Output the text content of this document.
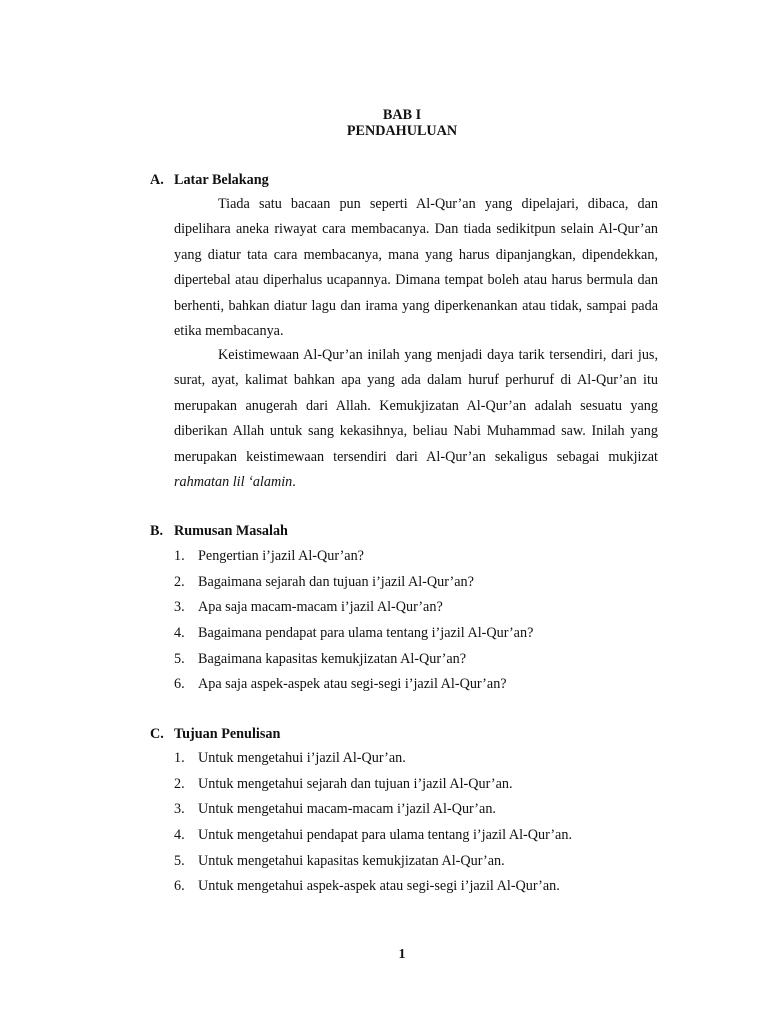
BAB I
PENDAHULUAN
A. Latar Belakang

Tiada satu bacaan pun seperti Al-Qur’an yang dipelajari, dibaca, dan dipelihara aneka riwayat cara membacanya. Dan tiada sedikitpun selain Al-Qur’an yang diatur tata cara membacanya, mana yang harus dipanjangkan, dipendekkan, dipertebal atau diperhalus ucapannya. Dimana tempat boleh atau harus bermula dan berhenti, bahkan diatur lagu dan irama yang diperkenankan atau tidak, sampai pada etika membacanya.

Keistimewaan Al-Qur’an inilah yang menjadi daya tarik tersendiri, dari jus, surat, ayat, kalimat bahkan apa yang ada dalam huruf perhuruf di Al-Qur’an itu merupakan anugerah dari Allah. Kemukjizatan Al-Qur’an adalah sesuatu yang diberikan Allah untuk sang kekasihnya, beliau Nabi Muhammad saw. Inilah yang merupakan keistimewaan tersendiri dari Al-Qur’an sekaligus sebagai mukjizat rahmatan lil ‘alamin.

B. Rumusan Masalah
1. Pengertian i’jazil Al-Qur’an?
2. Bagaimana sejarah dan tujuan i’jazil Al-Qur’an?
3. Apa saja macam-macam i’jazil Al-Qur’an?
4. Bagaimana pendapat para ulama tentang i’jazil Al-Qur’an?
5. Bagaimana kapasitas kemukjizatan Al-Qur’an?
6. Apa saja aspek-aspek atau segi-segi i’jazil Al-Qur’an?
C. Tujuan Penulisan
1. Untuk mengetahui i’jazil Al-Qur’an.
2. Untuk mengetahui sejarah dan tujuan i’jazil Al-Qur’an.
3. Untuk mengetahui macam-macam i’jazil Al-Qur’an.
4. Untuk mengetahui pendapat para ulama tentang i’jazil Al-Qur’an.
5. Untuk mengetahui kapasitas kemukjizatan Al-Qur’an.
6. Untuk mengetahui aspek-aspek atau segi-segi i’jazil Al-Qur’an.
1
